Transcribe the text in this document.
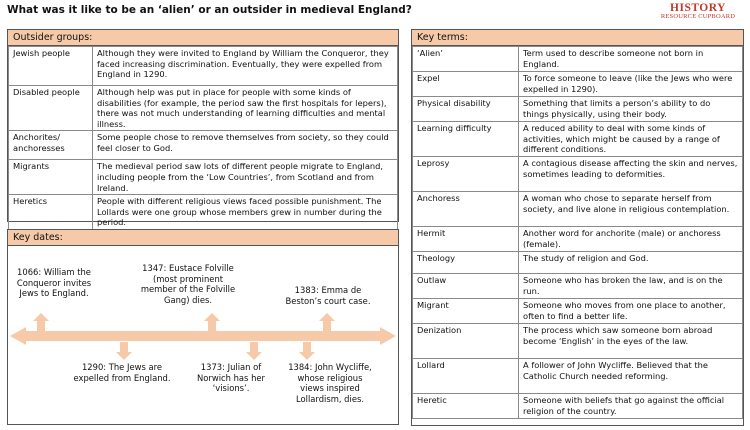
What was it like to be an ‘alien’ or an outsider in medieval England?	HISTORY
RESOURCE CUPBOARD
Outsider groups:
Jewish people	Although they were invited to England by William the Conqueror, they faced increasing discrimination. Eventually, they were expelled from England in 1290.
Disabled people	Although help was put in place for people with some kinds of disabilities (for example, the period saw the first hospitals for lepers), there was not much understanding of learning difficulties and mental illness.
Anchorites/ anchoresses	Some people chose to remove themselves from society, so they could feel closer to God.
Migrants	The medieval period saw lots of different people migrate to England, including people from the ‘Low Countries’, from Scotland and from Ireland.
Heretics	People with different religious views faced possible punishment. The Lollards were one group whose members grew in number during the period.
Key dates:
1066: William the Conqueror invites Jews to England.
1347: Eustace Folville (most prominent member of the Folville Gang) dies.
1383: Emma de Beston’s court case.
1290: The Jews are expelled from England.
1373: Julian of Norwich has her ‘visions’.
1384: John Wycliffe, whose religious views inspired Lollardism, dies.
Key terms:
‘Alien’	Term used to describe someone not born in England.
Expel	To force someone to leave (like the Jews who were expelled in 1290).
Physical disability	Something that limits a person’s ability to do things physically, using their body.
Learning difficulty	A reduced ability to deal with some kinds of activities, which might be caused by a range of different conditions.
Leprosy	A contagious disease affecting the skin and nerves, sometimes leading to deformities.
Anchoress	A woman who chose to separate herself from society, and live alone in religious contemplation.
Hermit	Another word for anchorite (male) or anchoress (female).
Theology	The study of religion and God.
Outlaw	Someone who has broken the law, and is on the run.
Migrant	Someone who moves from one place to another, often to find a better life.
Denization	The process which saw someone born abroad become ‘English’ in the eyes of the law.
Lollard	A follower of John Wycliffe. Believed that the Catholic Church needed reforming.
Heretic	Someone with beliefs that go against the official religion of the country.
